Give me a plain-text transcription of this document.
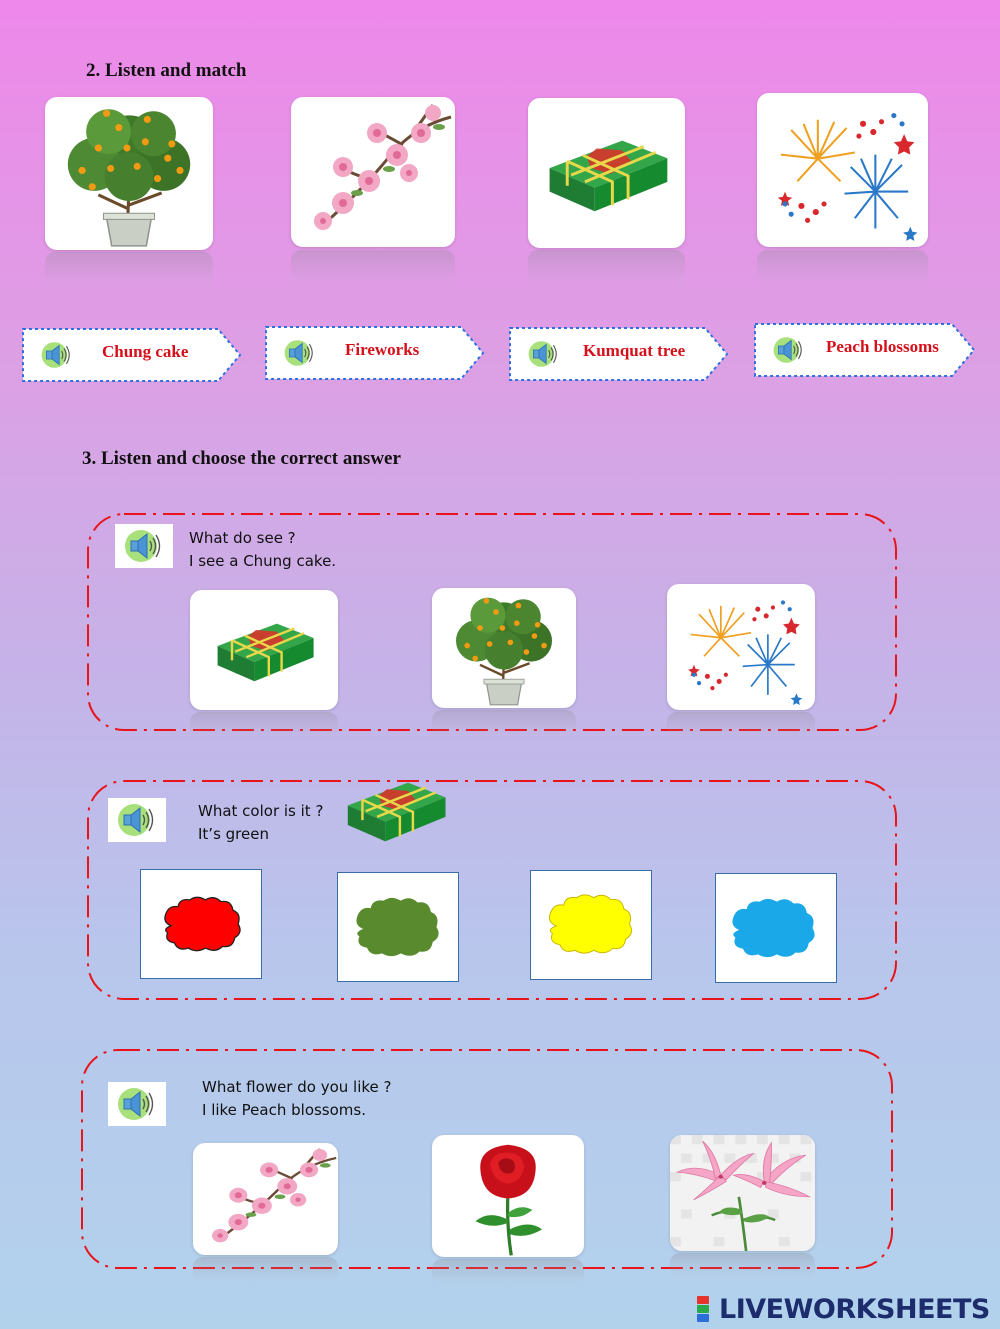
2. Listen and match
Chung cake	Fireworks	Kumquat tree	Peach blossoms
3. Listen and choose the correct answer
What do see ?
I see a Chung cake.
What color is it ?
It’s green
What flower do you like ?
I like Peach blossoms.
LIVEWORKSHEETS
